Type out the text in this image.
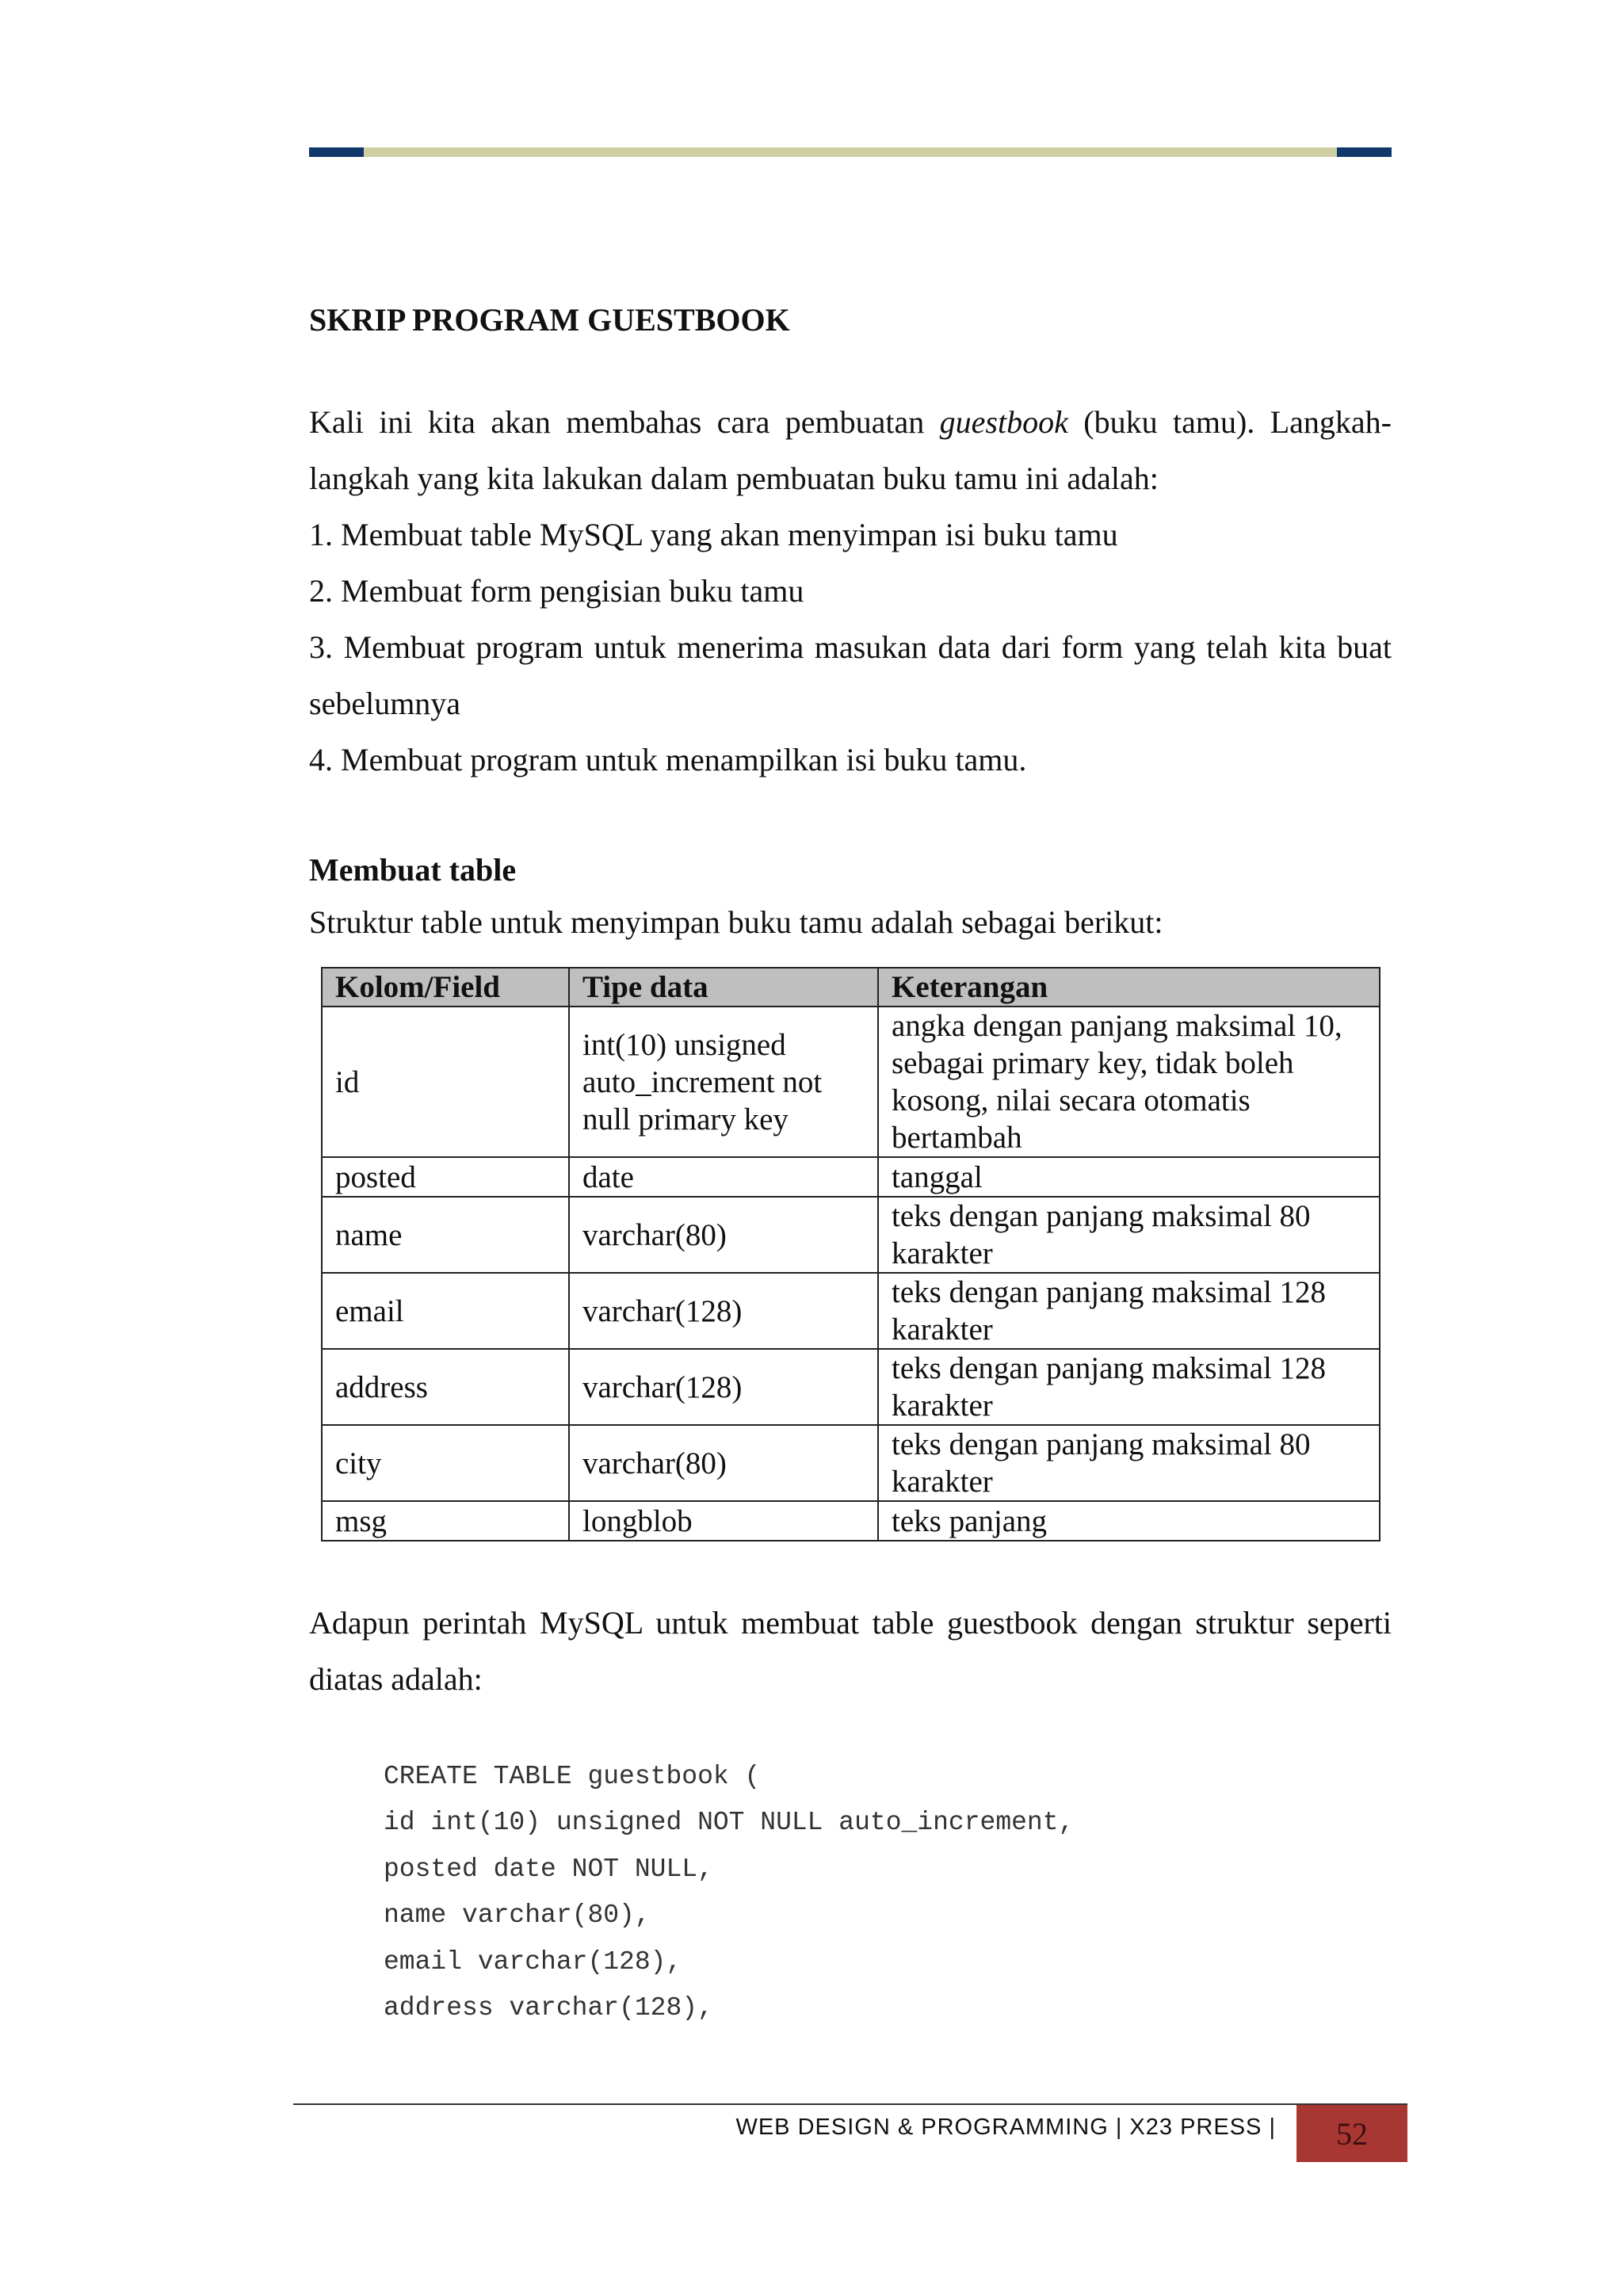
SKRIP PROGRAM GUESTBOOK

Kali ini kita akan membahas cara pembuatan guestbook (buku tamu). Langkah-

langkah yang kita lakukan dalam pembuatan buku tamu ini adalah:

1. Membuat table MySQL yang akan menyimpan isi buku tamu

2. Membuat form pengisian buku tamu

3. Membuat program untuk menerima masukan data dari form yang telah kita buat

sebelumnya

4. Membuat program untuk menampilkan isi buku tamu.

Membuat table

Struktur table untuk menyimpan buku tamu adalah sebagai berikut:

Kolom/Field	Tipe data	Keterangan
id	int(10) unsigned auto_increment not null primary key	angka dengan panjang maksimal 10, sebagai primary key, tidak boleh kosong, nilai secara otomatis bertambah
posted	date	tanggal
name	varchar(80)	teks dengan panjang maksimal 80 karakter
email	varchar(128)	teks dengan panjang maksimal 128 karakter
address	varchar(128)	teks dengan panjang maksimal 128 karakter
city	varchar(80)	teks dengan panjang maksimal 80 karakter
msg	longblob	teks panjang

Adapun perintah MySQL untuk membuat table guestbook dengan struktur seperti

diatas adalah:

CREATE TABLE guestbook (
id int(10) unsigned NOT NULL auto_increment,
posted date NOT NULL,
name varchar(80),
email varchar(128),
address varchar(128),
WEB DESIGN & PROGRAMMING | X23 PRESS | 52
